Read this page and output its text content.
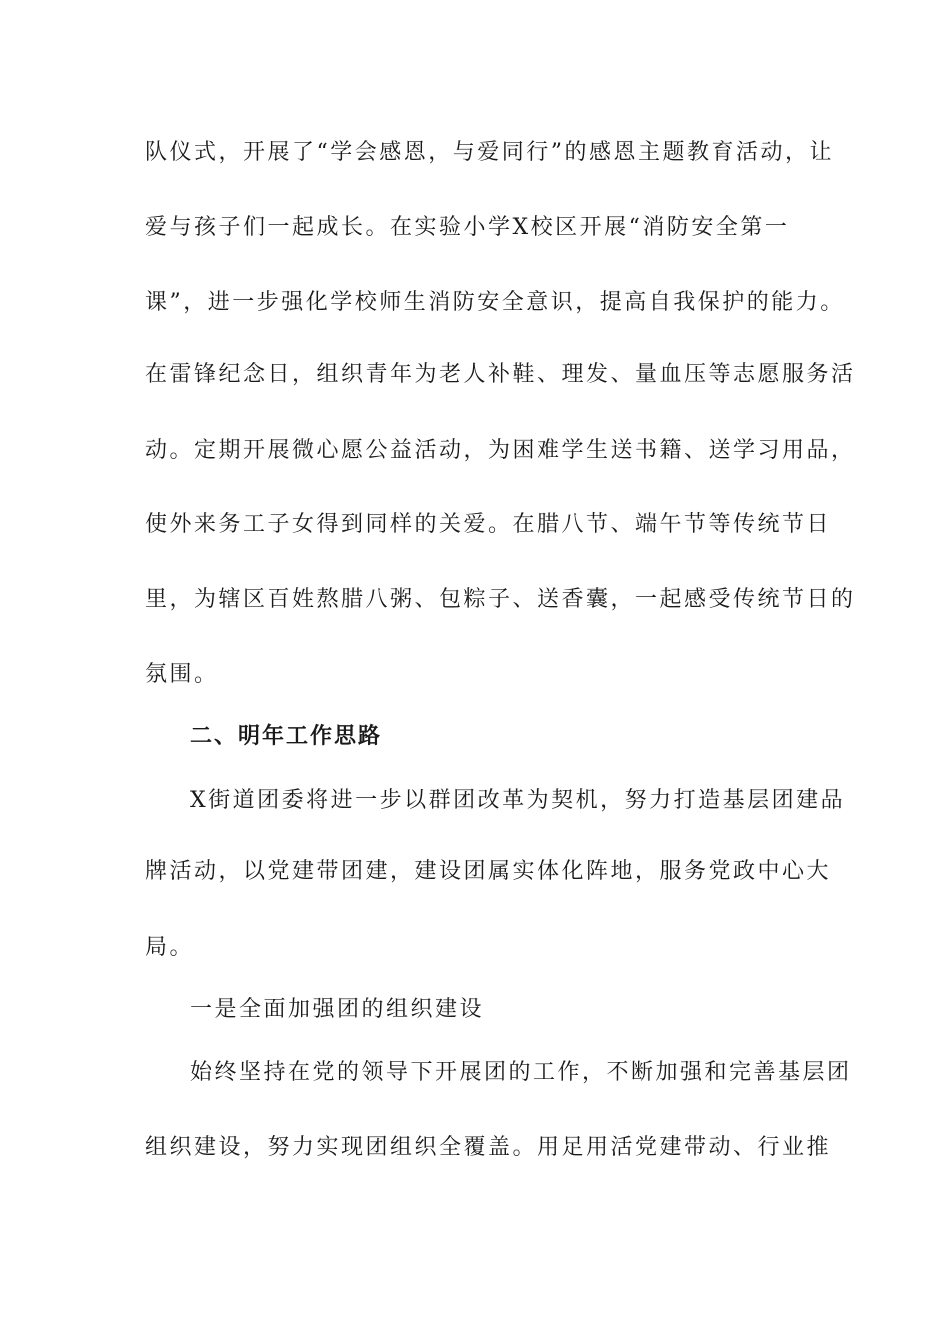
队仪式，开展了“学会感恩，与爱同行”的感恩主题教育活动，让
爱与孩子们一起成长。在实验小学X校区开展“消防安全第一
课”，进一步强化学校师生消防安全意识，提高自我保护的能力。
在雷锋纪念日，组织青年为老人补鞋、理发、量血压等志愿服务活
动。定期开展微心愿公益活动，为困难学生送书籍、送学习用品，
使外来务工子女得到同样的关爱。在腊八节、端午节等传统节日
里，为辖区百姓熬腊八粥、包粽子、送香囊，一起感受传统节日的
氛围。
二、明年工作思路
X街道团委将进一步以群团改革为契机，努力打造基层团建品
牌活动，以党建带团建，建设团属实体化阵地，服务党政中心大
局。
一是全面加强团的组织建设
始终坚持在党的领导下开展团的工作，不断加强和完善基层团
组织建设，努力实现团组织全覆盖。用足用活党建带动、行业推
